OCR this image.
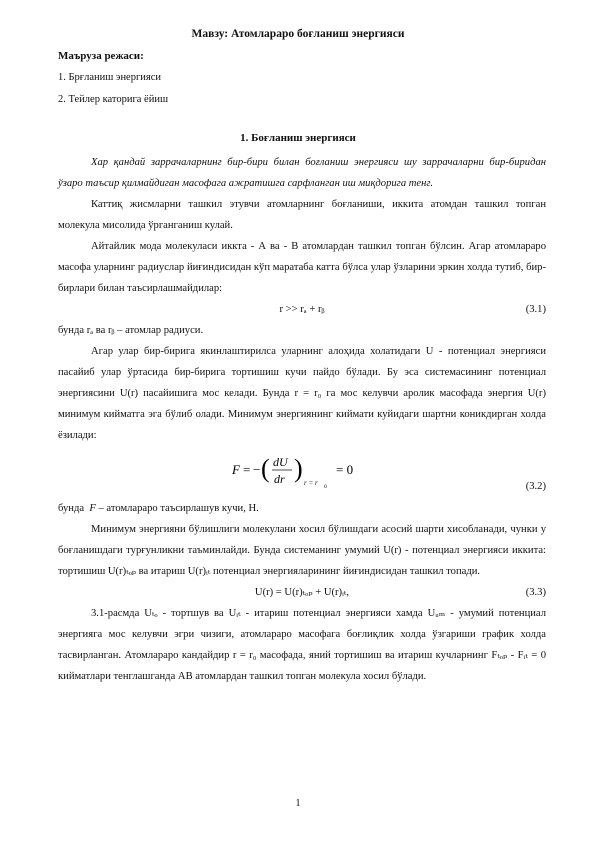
Мавзу: Атомлараро боғланиш энергияси
Маъруза режаси:
1. Брғланиш энергияси
2. Тейлер каторига ёйиш
1. Боғланиш энергияси

Хар қандай заррачаларнинг бир-бири билан боғланиш энергияси шу заррачаларни бир-биридан ўзаро таъсир қилмайдиган масофага ажратишга сарфланган иш миқдорига тенг.

Каттиқ жисмларни ташкил этувчи атомларнинг боғланиши, иккита атомдан ташкил топган молекула мисолида ўрганганиш кулай.

Айтайлик мода молекуласи иккта - А ва - В атомлардан ташкил топган бўлсин. Агар атомлараро масофа уларнинг радиуслар йиғиндисидан кўп маратаба катта бўлса улар ўзларини эркин холда тутиб, бир-бирлари билан таъсирлашмайдилар:

r >> rₐ + rᵦ	(3.1)

бунда rₐ ва rᵦ – атомлар радиуси.

Агар улар бир-бирига якинлаштирилса уларнинг алоҳида холатидаги U - потенциал энергияси пасайиб улар ўртасида бир-бирига тортишиш кучи пайдо бўлади. Бу эса системасининг потенциал энергиясини U(r) пасайишига мос келади. Бунда r = r₀ га мос келувчи аролик масофада энергия U(r) минимум кийматга эга бўлиб олади. Минимум энергиянинг киймати куйидаги шартни коникдирган холда ёзилади:

F = − ( dU
dr ) r = r 0
= 0
(3.2)

бунда F – атомлараро таъсирлашув кучи, Н.

Минимум энергияни бўлишлиги молекулани хосил бўлишдаги асосий шарти хисобланади, чунки у боғланишдаги турғунликни таъминлайди. Бунда системанинг умумий U(r) - потенциал энергияси иккита: тортишиш U(r)ₜₒₚ ва итариш U(r)ᵢₜ потенциал энергияларининг йиғиндисидан ташкил топади.

U(r) = U(r)ₜₒₚ + U(r)ᵢₜ,	(3.3)

3.1-расмда Uₜₒ - тортшув ва Uᵢₜ - итариш потенциал энергияси хамда Uᵤₘ - умумий потенциал энергияга мос келувчи эгри чизиги, атомлараро масофага боғлиқлик холда ўзгариши график холда тасвирланган. Атомлараро кандайдир r = r₀ масофада, яний тортишиш ва итариш кучларнинг Fₜₒₚ - Fᵢₜ = 0 кийматлари тенглашганда АВ атомлардан ташкил топган молекула хосил бўлади.

1
